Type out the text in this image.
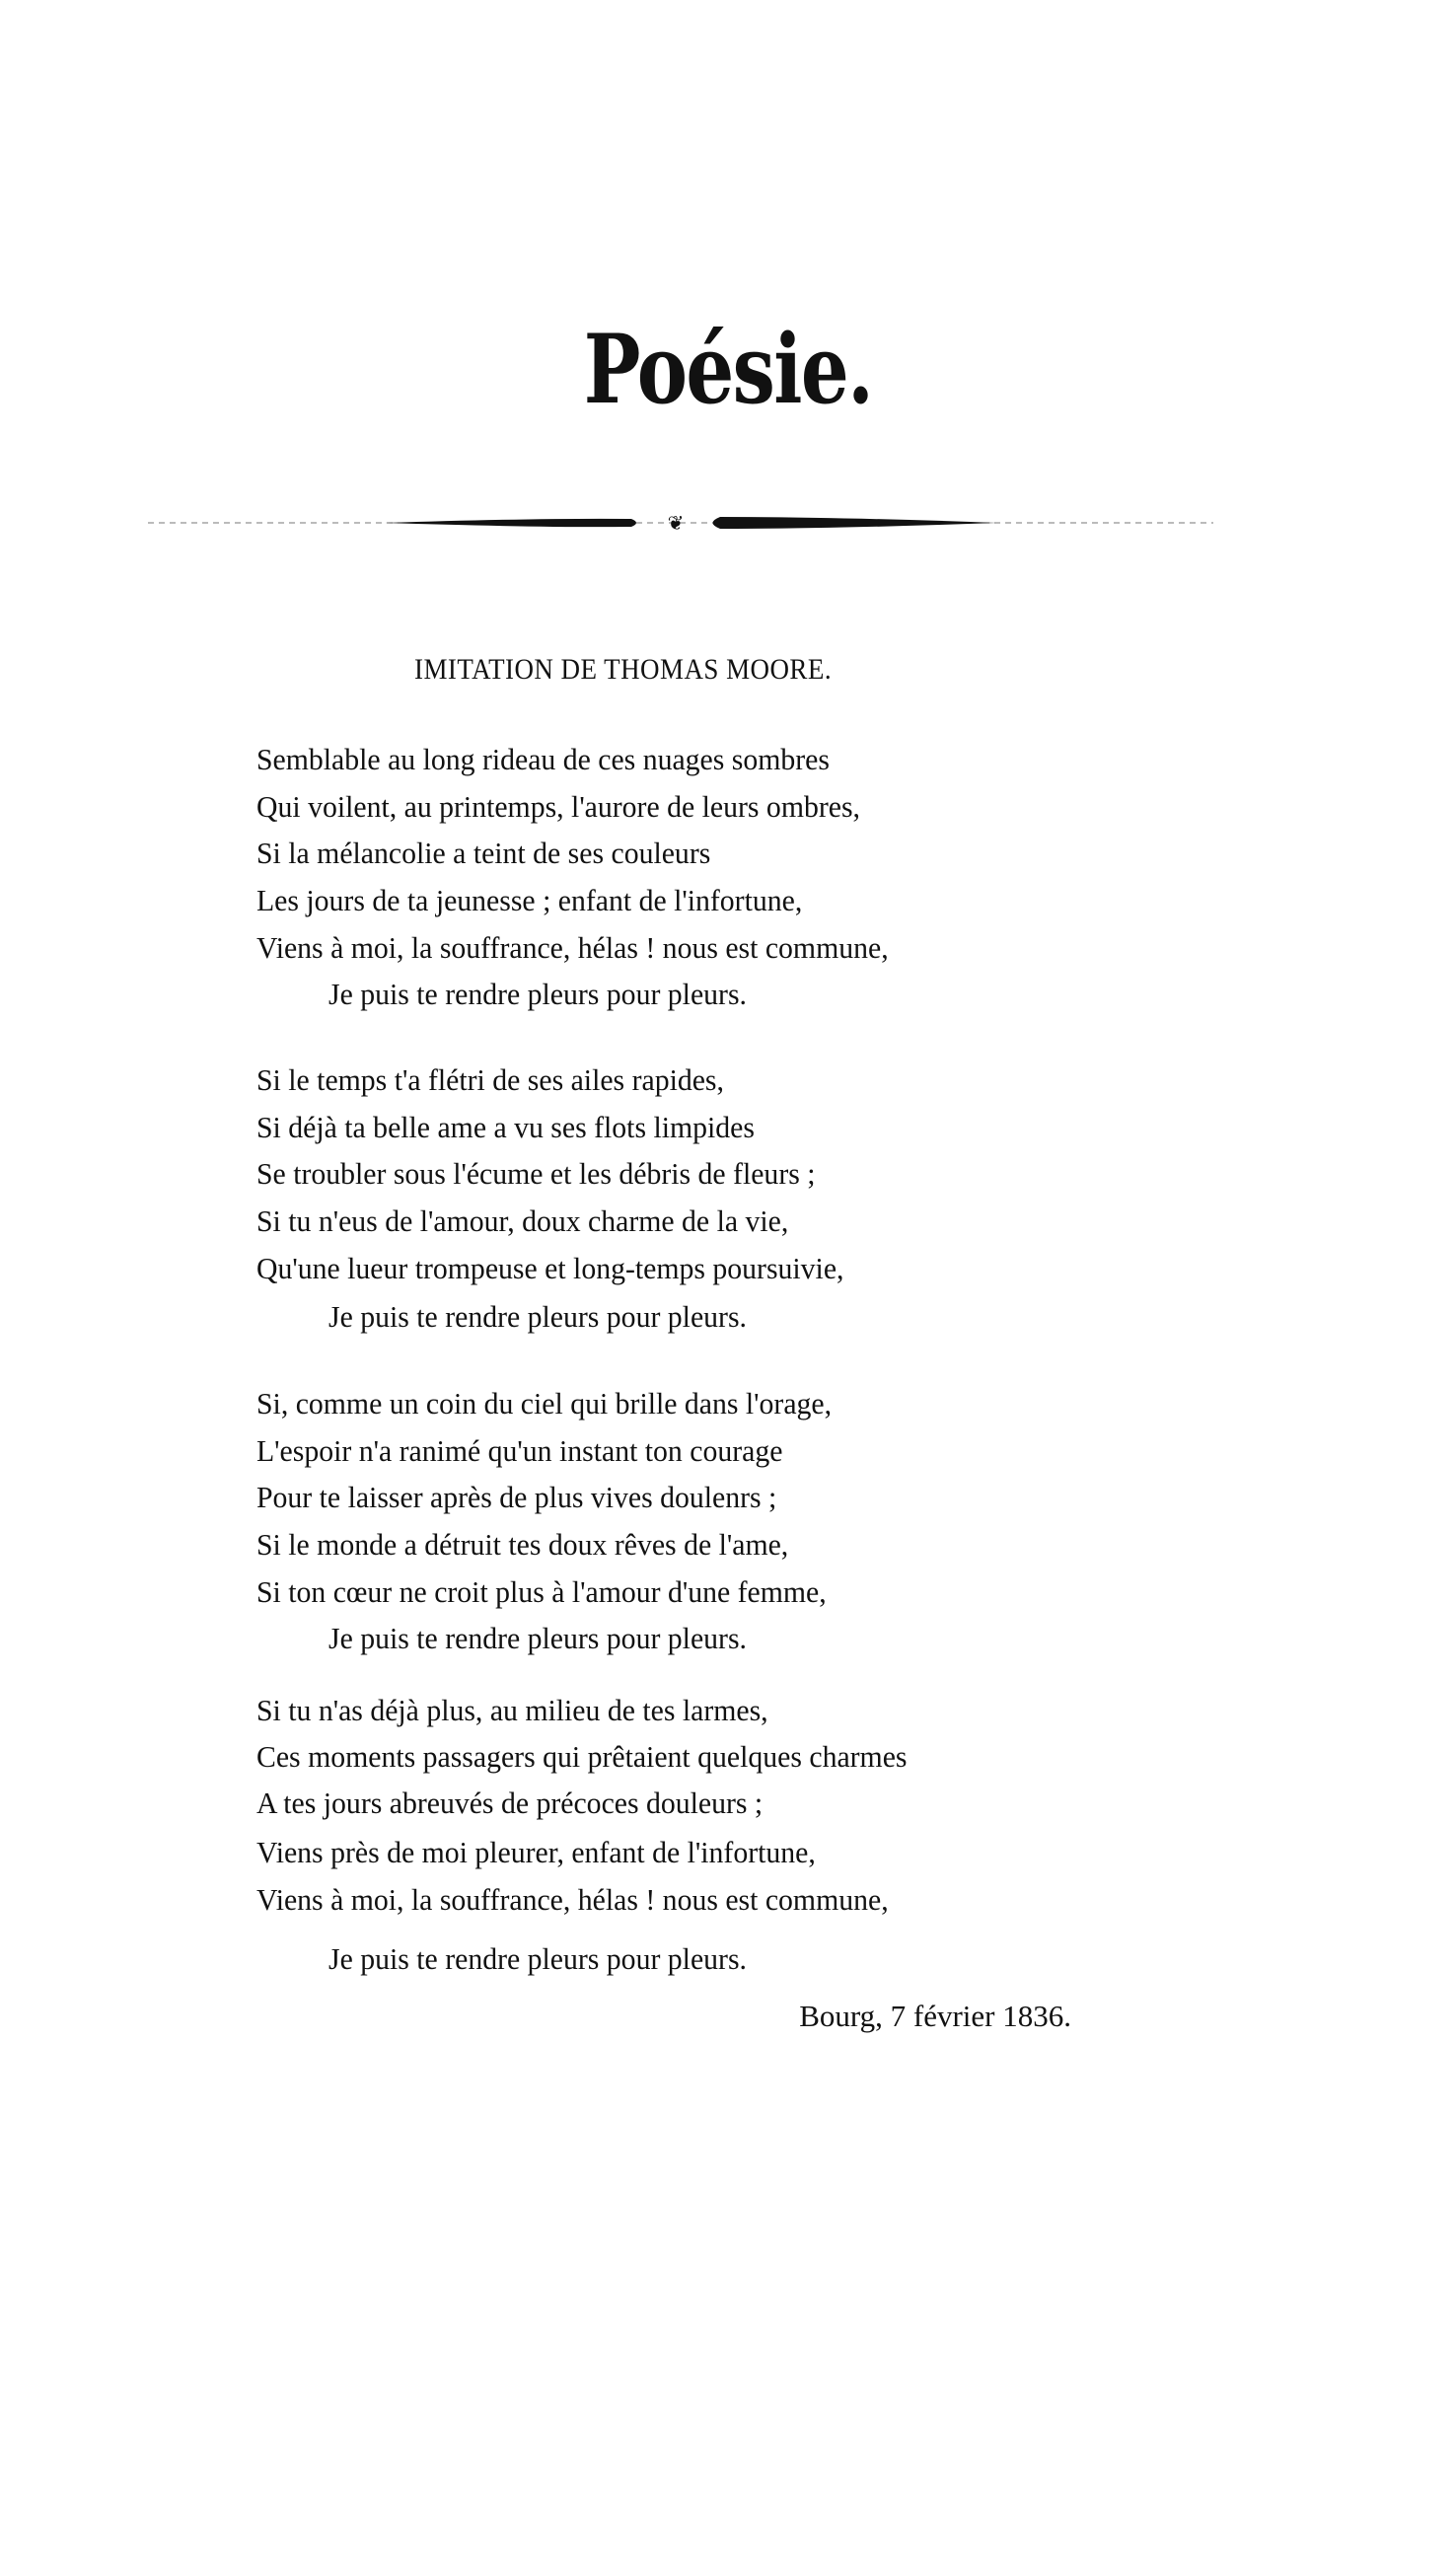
Poésie.
❦
IMITATION DE THOMAS MOORE.
Semblable au long rideau de ces nuages sombres
Qui voilent, au printemps, l'aurore de leurs ombres,
Si la mélancolie a teint de ses couleurs
Les jours de ta jeunesse ; enfant de l'infortune,
Viens à moi, la souffrance, hélas ! nous est commune,
Je puis te rendre pleurs pour pleurs.
Si le temps t'a flétri de ses ailes rapides,
Si déjà ta belle ame a vu ses flots limpides
Se troubler sous l'écume et les débris de fleurs ;
Si tu n'eus de l'amour, doux charme de la vie,
Qu'une lueur trompeuse et long-temps poursuivie,
Je puis te rendre pleurs pour pleurs.
Si, comme un coin du ciel qui brille dans l'orage,
L'espoir n'a ranimé qu'un instant ton courage
Pour te laisser après de plus vives doulenrs ;
Si le monde a détruit tes doux rêves de l'ame,
Si ton cœur ne croit plus à l'amour d'une femme,
Je puis te rendre pleurs pour pleurs.
Si tu n'as déjà plus, au milieu de tes larmes,
Ces moments passagers qui prêtaient quelques charmes
A tes jours abreuvés de précoces douleurs ;
Viens près de moi pleurer, enfant de l'infortune,
Viens à moi, la souffrance, hélas ! nous est commune,
Je puis te rendre pleurs pour pleurs.
Bourg, 7 février 1836.
